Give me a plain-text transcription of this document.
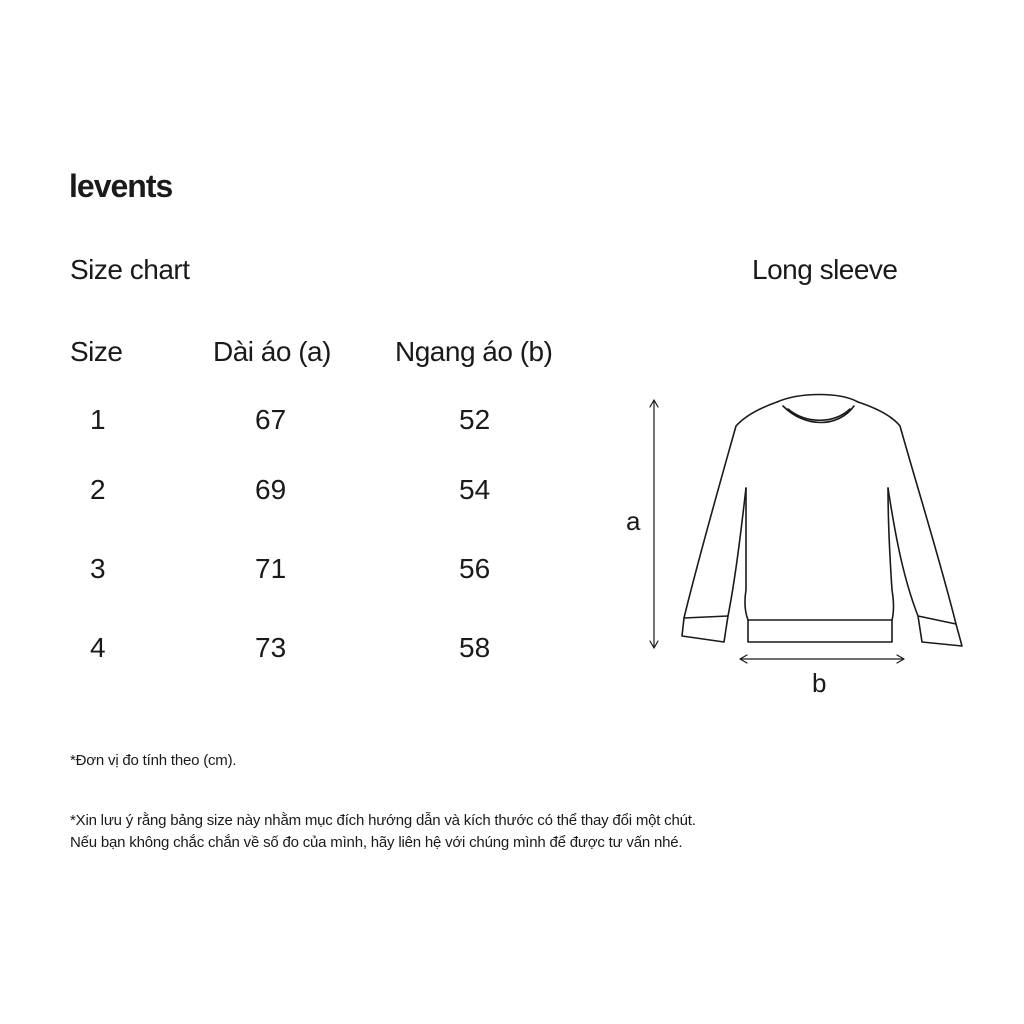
levents
Size chart	Long sleeve
Size	Dài áo (a)	Ngang áo (b)
1	67	52
2	69	54
3	71	56
4	73	58
a
b
*Đơn vị đo tính theo (cm).
*Xin lưu ý rằng bảng size này nhằm mục đích hướng dẫn và kích thước có thể thay đổi một chút.
Nếu bạn không chắc chắn về số đo của mình, hãy liên hệ với chúng mình để được tư vấn nhé.
